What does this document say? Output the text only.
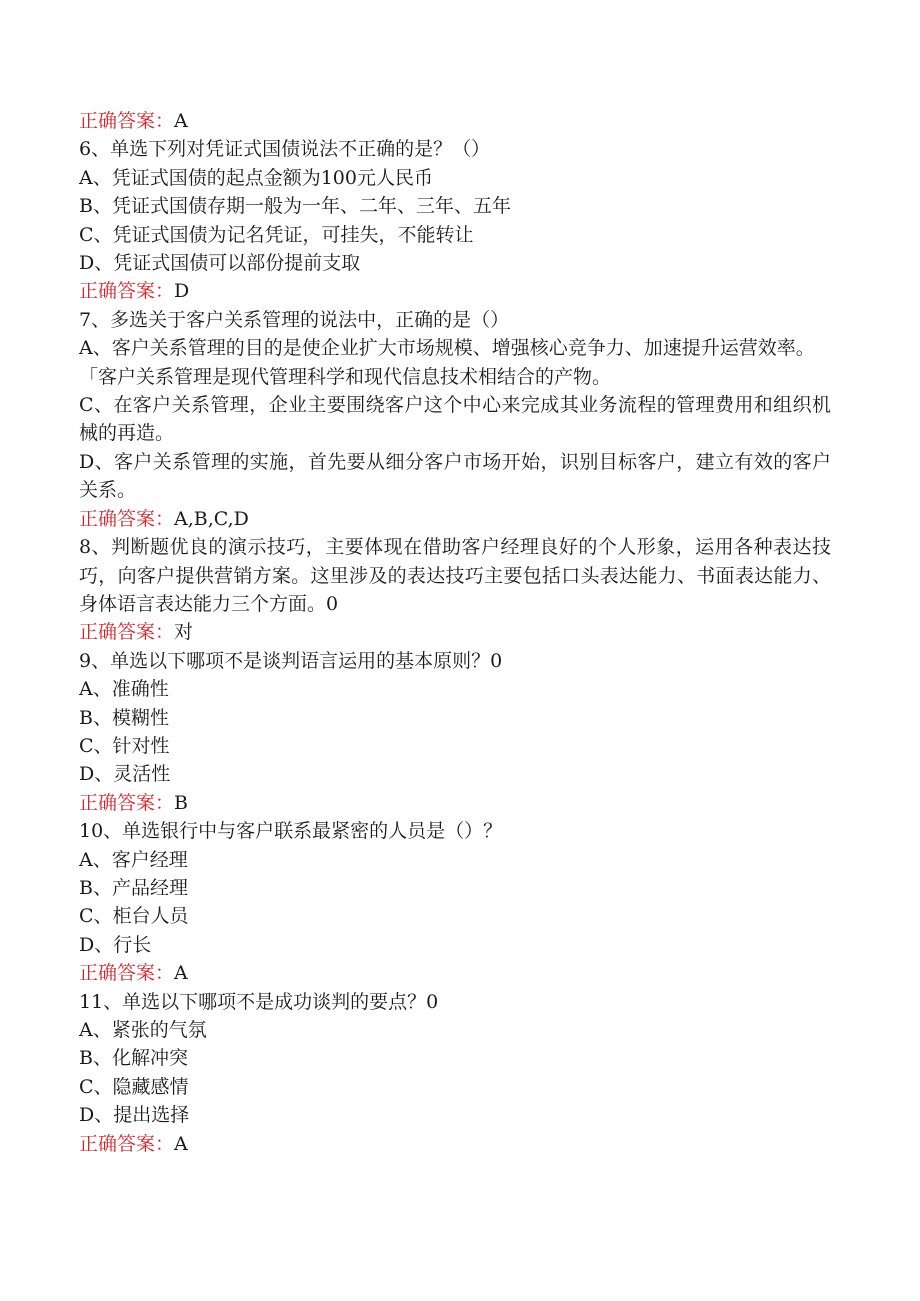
正确答案：A
6、单选下列对凭证式国债说法不正确的是？（）
A、凭证式国债的起点金额为100元人民币
B、凭证式国债存期一般为一年、二年、三年、五年
C、凭证式国债为记名凭证，可挂失，不能转让
D、凭证式国债可以部份提前支取
正确答案：D
7、多选关于客户关系管理的说法中，正确的是（）
A、客户关系管理的目的是使企业扩大市场规模、增强核心竞争力、加速提升运营效率。
「客户关系管理是现代管理科学和现代信息技术相结合的产物。
C、在客户关系管理，企业主要围绕客户这个中心来完成其业务流程的管理费用和组织机械的再造。
D、客户关系管理的实施，首先要从细分客户市场开始，识别目标客户，建立有效的客户关系。
正确答案：A,B,C,D
8、判断题优良的演示技巧，主要体现在借助客户经理良好的个人形象，运用各种表达技巧，向客户提供营销方案。这里涉及的表达技巧主要包括口头表达能力、书面表达能力、身体语言表达能力三个方面。0
正确答案：对
9、单选以下哪项不是谈判语言运用的基本原则？0
A、准确性
B、模糊性
C、针对性
D、灵活性
正确答案：B
10、单选银行中与客户联系最紧密的人员是（）？
A、客户经理
B、产品经理
C、柜台人员
D、行长
正确答案：A
11、单选以下哪项不是成功谈判的要点？0
A、紧张的气氛
B、化解冲突
C、隐藏感情
D、提出选择
正确答案：A
